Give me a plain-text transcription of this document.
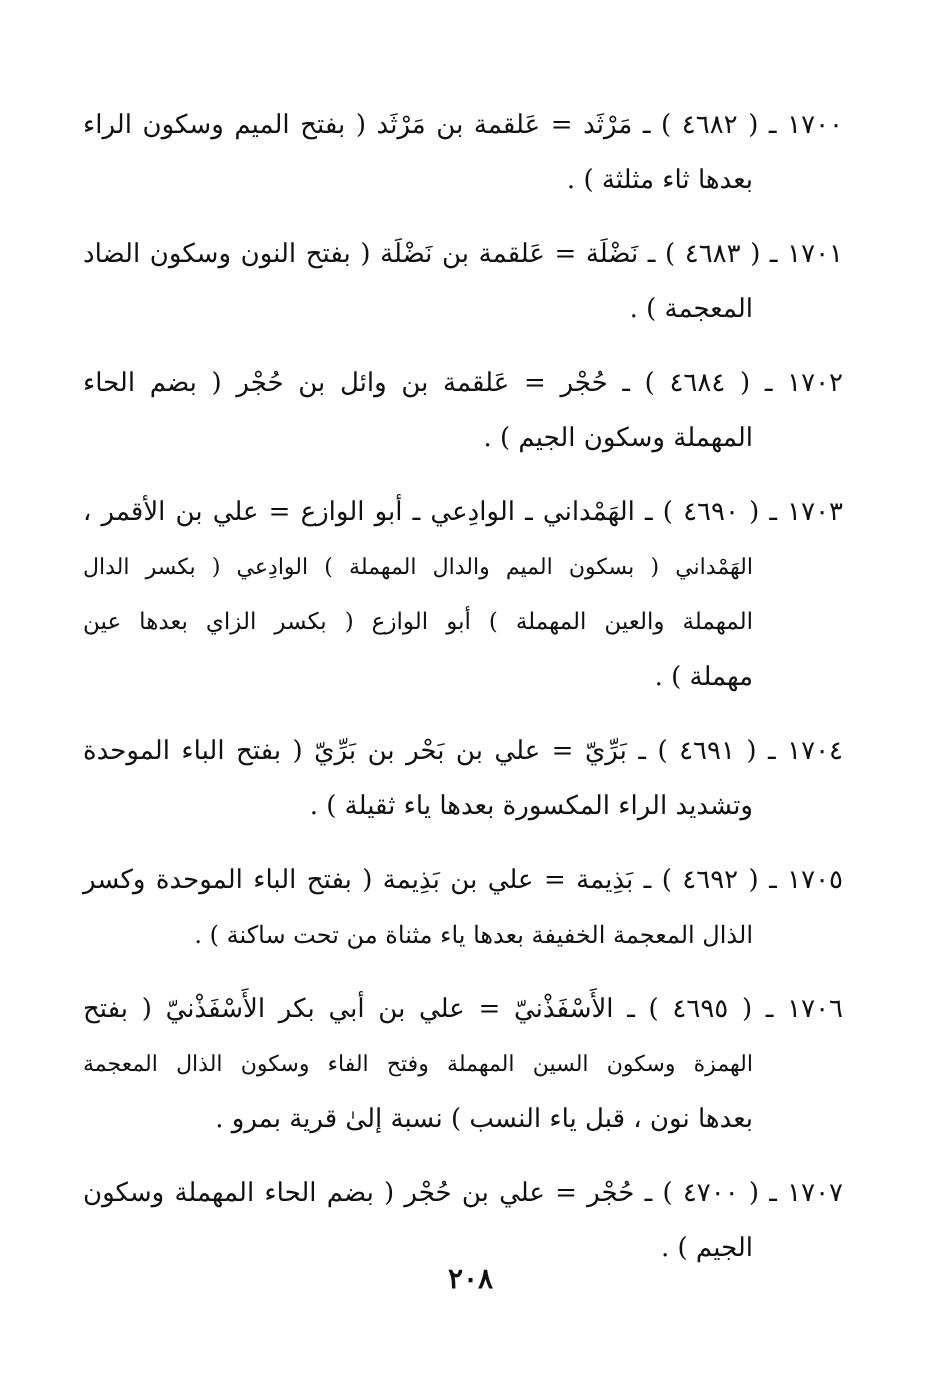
١٧٠٠ ـ ( ٤٦٨٢ ) ـ مَرْثَد = عَلقمة بن مَرْثَد ( بفتح الميم وسكون الراء
بعدها ثاء مثلثة ) .
١٧٠١ ـ ( ٤٦٨٣ ) ـ نَضْلَة = عَلقمة بن نَضْلَة ( بفتح النون وسكون الضاد
المعجمة ) .
١٧٠٢ ـ ( ٤٦٨٤ ) ـ حُجْر = عَلقمة بن وائل بن حُجْر ( بضم الحاء
المهملة وسكون الجيم ) .
١٧٠٣ ـ ( ٤٦٩٠ ) ـ الهَمْداني ـ الوادِعي ـ أبو الوازع = علي بن الأقمر ،
الهَمْداني ( بسكون الميم والدال المهملة ) الوادِعي ( بكسر الدال
المهملة والعين المهملة ) أبو الوازع ( بكسر الزاي بعدها عين
مهملة ) .
١٧٠٤ ـ ( ٤٦٩١ ) ـ بَرِّيّ = علي بن بَحْر بن بَرِّيّ ( بفتح الباء الموحدة
وتشديد الراء المكسورة بعدها ياء ثقيلة ) .
١٧٠٥ ـ ( ٤٦٩٢ ) ـ بَذِيمة = علي بن بَذِيمة ( بفتح الباء الموحدة وكسر
الذال المعجمة الخفيفة بعدها ياء مثناة من تحت ساكنة ) .
١٧٠٦ ـ ( ٤٦٩٥ ) ـ الأَسْفَذْنيّ = علي بن أبي بكر الأَسْفَذْنيّ ( بفتح
الهمزة وسكون السين المهملة وفتح الفاء وسكون الذال المعجمة
بعدها نون ، قبل ياء النسب ) نسبة إلىٰ قرية بمرو .
١٧٠٧ ـ ( ٤٧٠٠ ) ـ حُجْر = علي بن حُجْر ( بضم الحاء المهملة وسكون
الجيم ) .
٢٠٨
